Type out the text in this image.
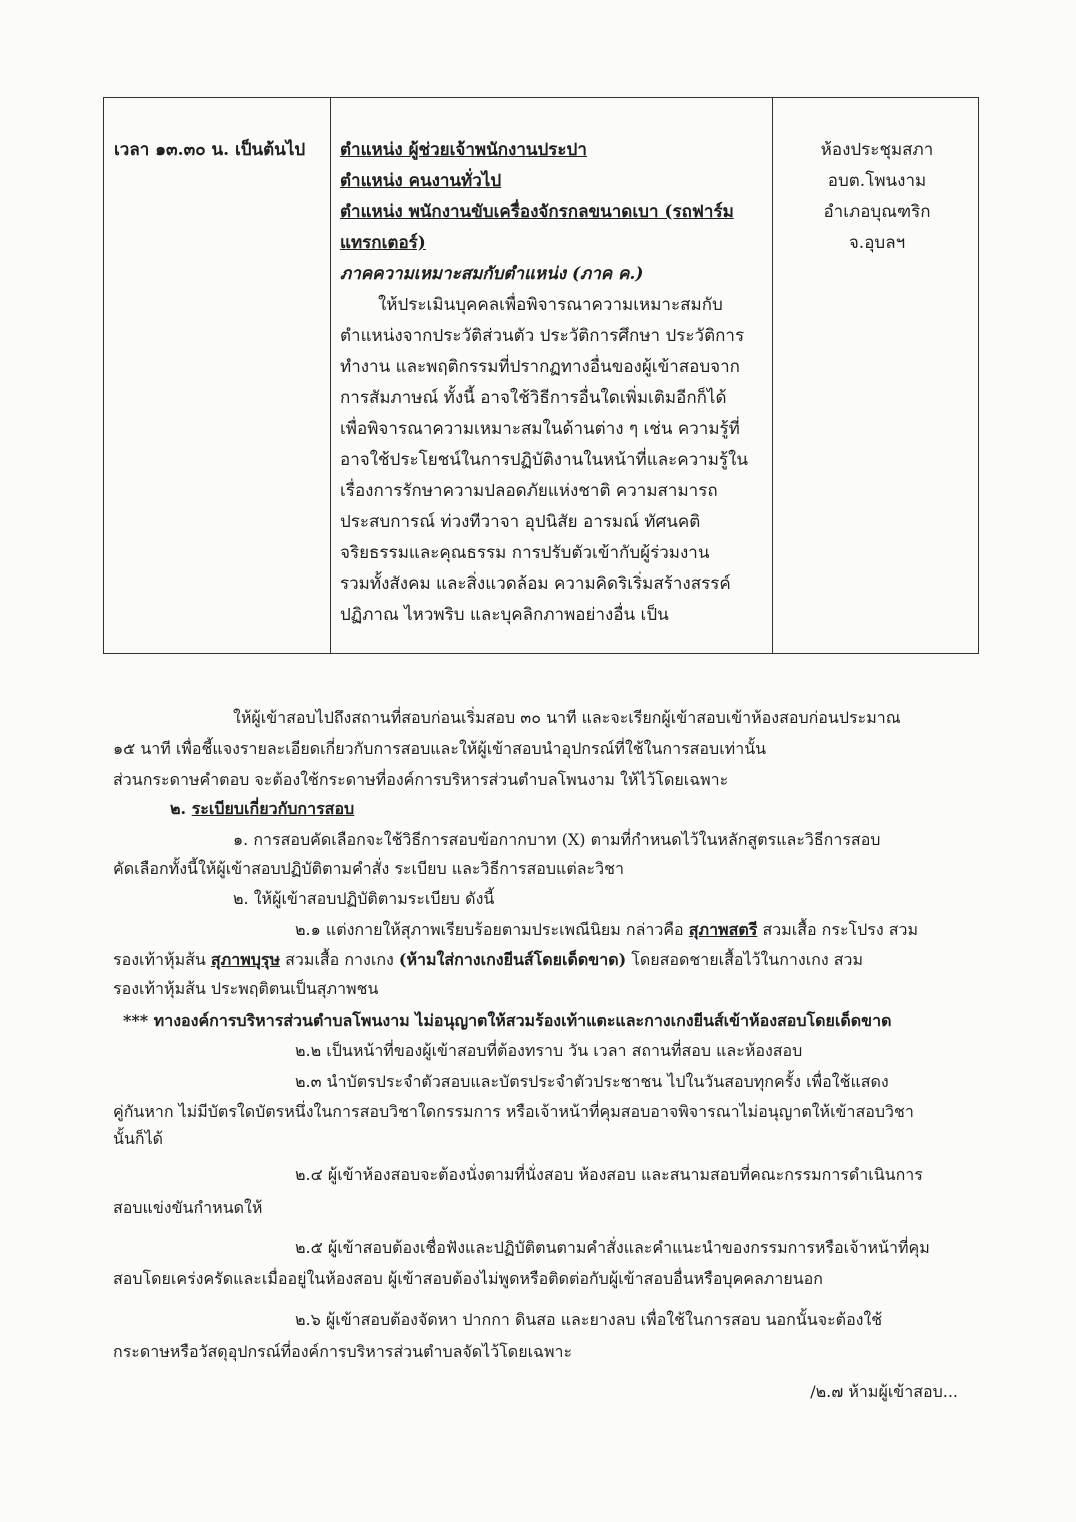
เวลา ๑๓.๓๐ น. เป็นต้นไป	ตำแหน่ง ผู้ช่วยเจ้าพนักงานประปา
ตำแหน่ง คนงานทั่วไป
ตำแหน่ง พนักงานขับเครื่องจักรกลขนาดเบา (รถฟาร์ม
แทรกเตอร์)
ภาคความเหมาะสมกับตำแหน่ง (ภาค ค.)
ให้ประเมินบุคคลเพื่อพิจารณาความเหมาะสมกับ
ตำแหน่งจากประวัติส่วนตัว ประวัติการศึกษา ประวัติการ
ทำงาน และพฤติกรรมที่ปรากฏทางอื่นของผู้เข้าสอบจาก
การสัมภาษณ์ ทั้งนี้ อาจใช้วิธีการอื่นใดเพิ่มเติมอีกก็ได้
เพื่อพิจารณาความเหมาะสมในด้านต่าง ๆ เช่น ความรู้ที่
อาจใช้ประโยชน์ในการปฏิบัติงานในหน้าที่และความรู้ใน
เรื่องการรักษาความปลอดภัยแห่งชาติ ความสามารถ
ประสบการณ์ ท่วงทีวาจา อุปนิสัย อารมณ์ ทัศนคติ
จริยธรรมและคุณธรรม การปรับตัวเข้ากับผู้ร่วมงาน
รวมทั้งสังคม และสิ่งแวดล้อม ความคิดริเริ่มสร้างสรรค์
ปฏิภาณ ไหวพริบ และบุคลิกภาพอย่างอื่น เป็น
ห้องประชุมสภา
อบต.โพนงาม
อำเภอบุณฑริก
จ.อุบลฯ

ให้ผู้เข้าสอบไปถึงสถานที่สอบก่อนเริ่มสอบ ๓๐ นาที และจะเรียกผู้เข้าสอบเข้าห้องสอบก่อนประมาณ

๑๕ นาที เพื่อชี้แจงรายละเอียดเกี่ยวกับการสอบและให้ผู้เข้าสอบนำอุปกรณ์ที่ใช้ในการสอบเท่านั้น

ส่วนกระดาษคำตอบ จะต้องใช้กระดาษที่องค์การบริหารส่วนตำบลโพนงาม ให้ไว้โดยเฉพาะ

๒. ระเบียบเกี่ยวกับการสอบ

๑. การสอบคัดเลือกจะใช้วิธีการสอบข้อกากบาท (X) ตามที่กำหนดไว้ในหลักสูตรและวิธีการสอบ

คัดเลือกทั้งนี้ให้ผู้เข้าสอบปฏิบัติตามคำสั่ง ระเบียบ และวิธีการสอบแต่ละวิชา

๒. ให้ผู้เข้าสอบปฏิบัติตามระเบียบ ดังนี้

๒.๑ แต่งกายให้สุภาพเรียบร้อยตามประเพณีนิยม กล่าวคือ สุภาพสตรี สวมเสื้อ กระโปรง สวม

รองเท้าหุ้มส้น สุภาพบุรุษ สวมเสื้อ กางเกง (ห้ามใส่กางเกงยีนส์โดยเด็ดขาด) โดยสอดชายเสื้อไว้ในกางเกง สวม

รองเท้าหุ้มส้น ประพฤติตนเป็นสุภาพชน

*** ทางองค์การบริหารส่วนตำบลโพนงาม ไม่อนุญาตให้สวมร้องเท้าแตะและกางเกงยีนส์เข้าห้องสอบโดยเด็ดขาด

๒.๒ เป็นหน้าที่ของผู้เข้าสอบที่ต้องทราบ วัน เวลา สถานที่สอบ และห้องสอบ

๒.๓ นำบัตรประจำตัวสอบและบัตรประจำตัวประชาชน ไปในวันสอบทุกครั้ง เพื่อใช้แสดง

คู่กันหาก ไม่มีบัตรใดบัตรหนึ่งในการสอบวิชาใดกรรมการ หรือเจ้าหน้าที่คุมสอบอาจพิจารณาไม่อนุญาตให้เข้าสอบวิชา

นั้นก็ได้

๒.๔ ผู้เข้าห้องสอบจะต้องนั่งตามที่นั่งสอบ ห้องสอบ และสนามสอบที่คณะกรรมการดำเนินการ

สอบแข่งขันกำหนดให้

๒.๕ ผู้เข้าสอบต้องเชื่อฟังและปฏิบัติตนตามคำสั่งและคำแนะนำของกรรมการหรือเจ้าหน้าที่คุม

สอบโดยเคร่งครัดและเมื่ออยู่ในห้องสอบ ผู้เข้าสอบต้องไม่พูดหรือติดต่อกับผู้เข้าสอบอื่นหรือบุคคลภายนอก

๒.๖ ผู้เข้าสอบต้องจัดหา ปากกา ดินสอ และยางลบ เพื่อใช้ในการสอบ นอกนั้นจะต้องใช้

กระดาษหรือวัสดุอุปกรณ์ที่องค์การบริหารส่วนตำบลจัดไว้โดยเฉพาะ

/๒.๗ ห้ามผู้เข้าสอบ...
